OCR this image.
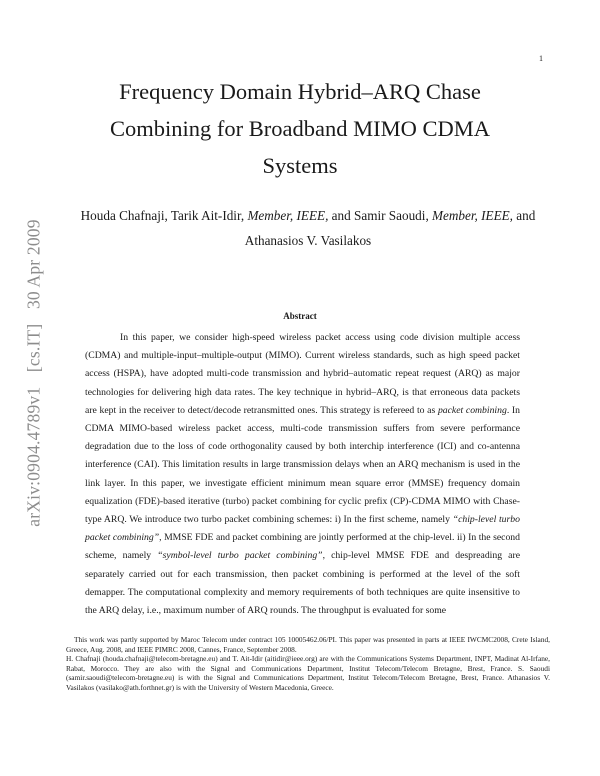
1
arXiv:0904.4789v1 [cs.IT] 30 Apr 2009
Frequency Domain Hybrid–ARQ Chase
Combining for Broadband MIMO CDMA
Systems
Houda Chafnaji, Tarik Ait-Idir, Member, IEEE, and Samir Saoudi, Member, IEEE, and
Athanasios V. Vasilakos
Abstract

In this paper, we consider high-speed wireless packet access using code division multiple access (CDMA) and multiple-input–multiple-output (MIMO). Current wireless standards, such as high speed packet access (HSPA), have adopted multi-code transmission and hybrid–automatic repeat request (ARQ) as major technologies for delivering high data rates. The key technique in hybrid–ARQ, is that erroneous data packets are kept in the receiver to detect/decode retransmitted ones. This strategy is refereed to as packet combining. In CDMA MIMO-based wireless packet access, multi-code transmission suffers from severe performance degradation due to the loss of code orthogonality caused by both interchip interference (ICI) and co-antenna interference (CAI). This limitation results in large transmission delays when an ARQ mechanism is used in the link layer. In this paper, we investigate efficient minimum mean square error (MMSE) frequency domain equalization (FDE)-based iterative (turbo) packet combining for cyclic prefix (CP)-CDMA MIMO with Chase-type ARQ. We introduce two turbo packet combining schemes: i) In the first scheme, namely “chip-level turbo packet combining”, MMSE FDE and packet combining are jointly performed at the chip-level. ii) In the second scheme, namely “symbol-level turbo packet combining”, chip-level MMSE FDE and despreading are separately carried out for each transmission, then packet combining is performed at the level of the soft demapper. The computational complexity and memory requirements of both techniques are quite insensitive to the ARQ delay, i.e., maximum number of ARQ rounds. The throughput is evaluated for some

This work was partly supported by Maroc Telecom under contract 105 10005462.06/PI. This paper was presented in parts at IEEE IWCMC2008, Crete Island, Greece, Aug. 2008, and IEEE PIMRC 2008, Cannes, France, September 2008.

H. Chafnaji (houda.chafnaji@telecom-bretagne.eu) and T. Ait-Idir (aitidir@ieee.org) are with the Communications Systems Department, INPT, Madinat Al-Irfane, Rabat, Morocco. They are also with the Signal and Communications Department, Institut Telecom/Telecom Bretagne, Brest, France. S. Saoudi (samir.saoudi@telecom-bretagne.eu) is with the Signal and Communications Department, Institut Telecom/Telecom Bretagne, Brest, France. Athanasios V. Vasilakos (vasilako@ath.forthnet.gr) is with the University of Western Macedonia, Greece.
